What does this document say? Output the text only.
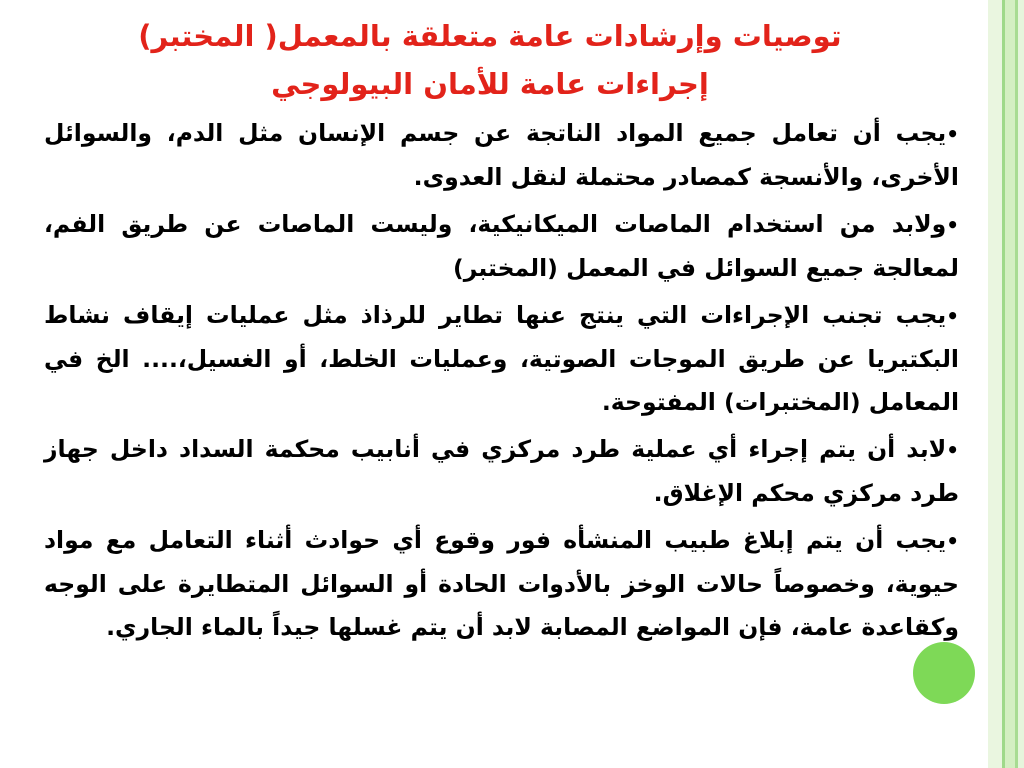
توصيات وإرشادات عامة متعلقة بالمعمل( المختبر)

إجراءات عامة للأمان البيولوجي

•يجب أن تعامل جميع المواد الناتجة عن جسم الإنسان مثل الدم، والسوائل الأخرى، والأنسجة كمصادر محتملة لنقل العدوى.

•ولابد من استخدام الماصات الميكانيكية، وليست الماصات عن طريق الفم، لمعالجة جميع السوائل في المعمل (المختبر)

•يجب تجنب الإجراءات التي ينتج عنها تطاير للرذاذ مثل عمليات إيقاف نشاط البكتيريا عن طريق الموجات الصوتية، وعمليات الخلط، أو الغسيل،.... الخ في المعامل (المختبرات) المفتوحة.

•لابد أن يتم إجراء أي عملية طرد مركزي في أنابيب محكمة السداد داخل جهاز طرد مركزي محكم الإغلاق.

•يجب أن يتم إبلاغ طبيب المنشأه فور وقوع أي حوادث أثناء التعامل مع مواد حيوية، وخصوصاً حالات الوخز بالأدوات الحادة أو السوائل المتطايرة على الوجه وكقاعدة عامة، فإن المواضع المصابة لابد أن يتم غسلها جيداً بالماء الجاري.
